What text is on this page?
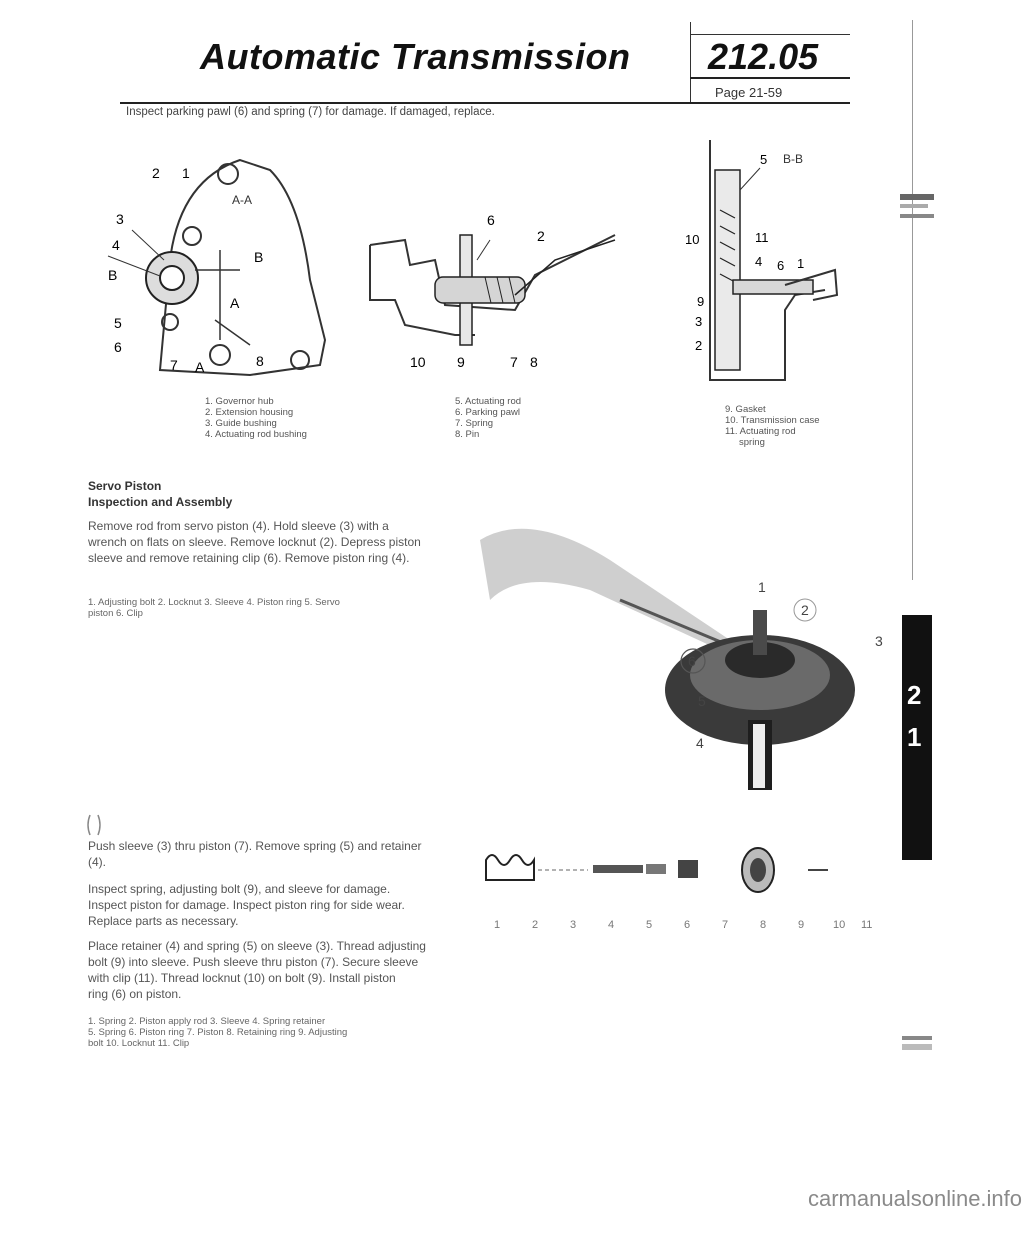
Automatic Transmission 212.05
Page 21-59
Inspect parking pawl (6) and spring (7) for damage. If damaged, replace.
2 1
3
4
B
B
A
5
6
7 A	8
A-A
6
2
10 9	7 8
B-B
5
11
4 6 1
10
9
3
2
1. Governor hub
2. Extension housing
3. Guide bushing
4. Actuating rod bushing
5. Actuating rod
6. Parking pawl
7. Spring
8. Pin
9. Gasket
10. Transmission case
11. Actuating rod
spring
Servo Piston
Inspection and Assembly
Remove rod from servo piston (4). Hold sleeve (3) with a
wrench on flats on sleeve. Remove locknut (2). Depress piston
sleeve and remove retaining clip (6). Remove piston ring (4).
1. Adjusting bolt 2. Locknut 3. Sleeve 4. Piston ring 5. Servo
piston 6. Clip
1
2
3
6
5
4
Push sleeve (3) thru piston (7). Remove spring (5) and retainer
(4).
Inspect spring, adjusting bolt (9), and sleeve for damage.
Inspect piston for damage. Inspect piston ring for side wear.
Replace parts as necessary.
Place retainer (4) and spring (5) on sleeve (3). Thread adjusting
bolt (9) into sleeve. Push sleeve thru piston (7). Secure sleeve
with clip (11). Thread locknut (10) on bolt (9). Install piston
ring (6) on piston.
1. Spring 2. Piston apply rod 3. Sleeve 4. Spring retainer
5. Spring 6. Piston ring 7. Piston 8. Retaining ring 9. Adjusting
bolt 10. Locknut 11. Clip
1	2	3	4	5	6	7	8	9	10 11
2
1
carmanualsonline.info
